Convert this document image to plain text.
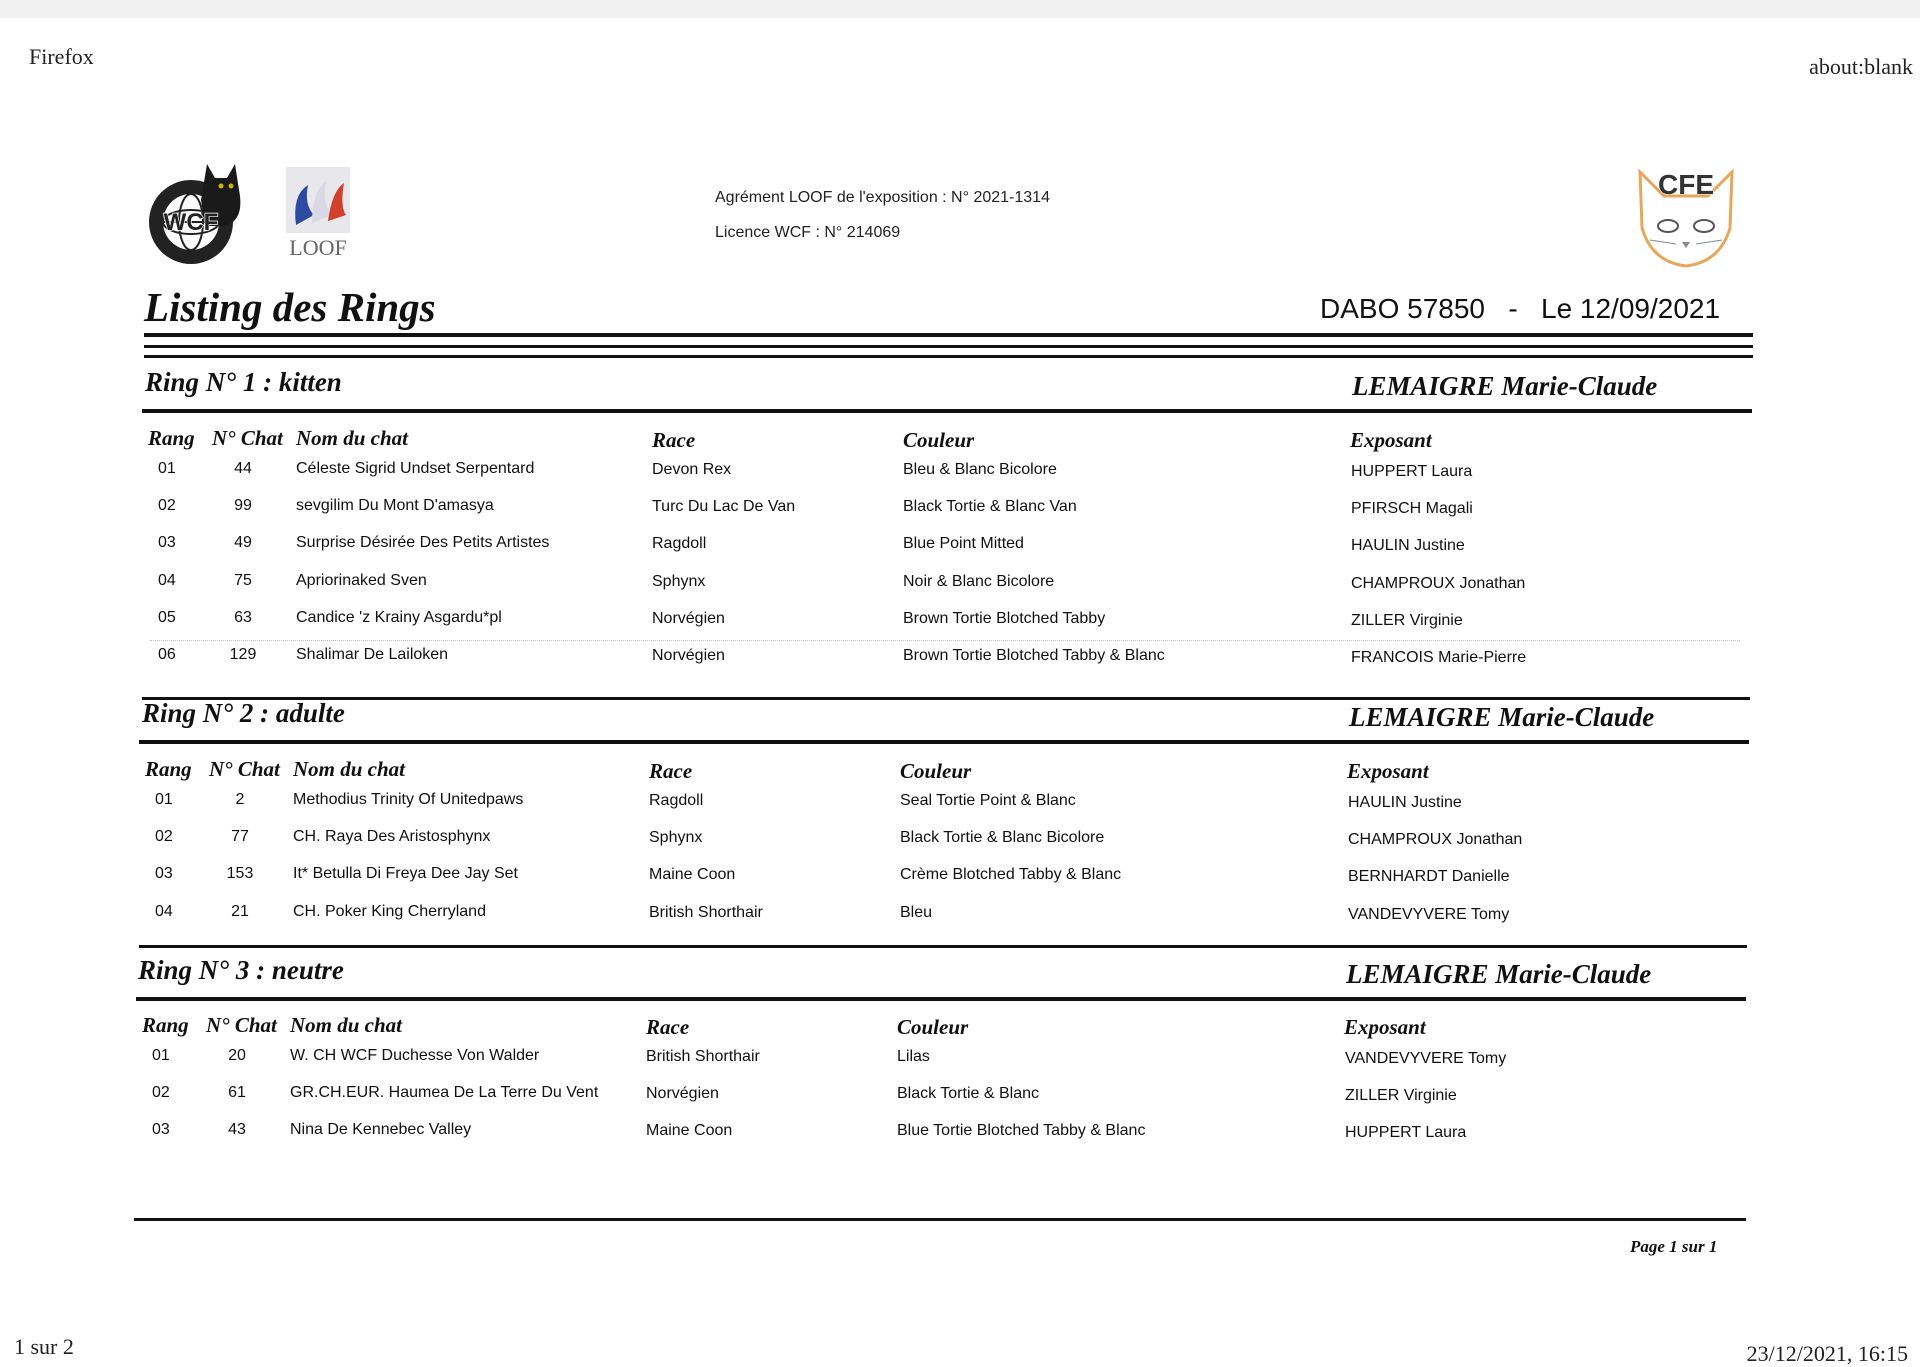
Firefox	about:blank
WCF
LOOF
CFE
Agrément LOOF de l'exposition : N° 2021-1314
Licence WCF : N° 214069
Listing des Rings	DABO 57850   -   Le 12/09/2021
Ring N° 1 : kitten	LEMAIGRE Marie-Claude
Rang N° Chat Nom du chat	Race	Couleur	Exposant
01	44	Céleste Sigrid Undset Serpentard	Devon Rex	Bleu & Blanc Bicolore	HUPPERT Laura
02	99	sevgilim Du Mont D'amasya	Turc Du Lac De Van	Black Tortie & Blanc Van	PFIRSCH Magali
03	49	Surprise Désirée Des Petits Artistes	Ragdoll	Blue Point Mitted	HAULIN Justine
04	75	Apriorinaked Sven	Sphynx	Noir & Blanc Bicolore	CHAMPROUX Jonathan
05	63	Candice 'z Krainy Asgardu*pl	Norvégien	Brown Tortie Blotched Tabby	ZILLER Virginie
06	129 Shalimar De Lailoken	Norvégien	Brown Tortie Blotched Tabby & Blanc	FRANCOIS Marie-Pierre
Ring N° 2 : adulte	LEMAIGRE Marie-Claude
Rang N° Chat Nom du chat	Race	Couleur	Exposant
01	2	Methodius Trinity Of Unitedpaws	Ragdoll	Seal Tortie Point & Blanc	HAULIN Justine
02	77	CH. Raya Des Aristosphynx	Sphynx	Black Tortie & Blanc Bicolore	CHAMPROUX Jonathan
03	153 It* Betulla Di Freya Dee Jay Set	Maine Coon	Crème Blotched Tabby & Blanc	BERNHARDT Danielle
04	21	CH. Poker King Cherryland	British Shorthair	Bleu	VANDEVYVERE Tomy
Ring N° 3 : neutre	LEMAIGRE Marie-Claude
Rang N° Chat Nom du chat	Race	Couleur	Exposant
01	20	W. CH WCF Duchesse Von Walder	British Shorthair	Lilas	VANDEVYVERE Tomy
02	61	GR.CH.EUR. Haumea De La Terre Du Vent	Norvégien	Black Tortie & Blanc	ZILLER Virginie
03	43	Nina De Kennebec Valley	Maine Coon	Blue Tortie Blotched Tabby & Blanc	HUPPERT Laura
Page 1 sur 1
1 sur 2	23/12/2021, 16:15
